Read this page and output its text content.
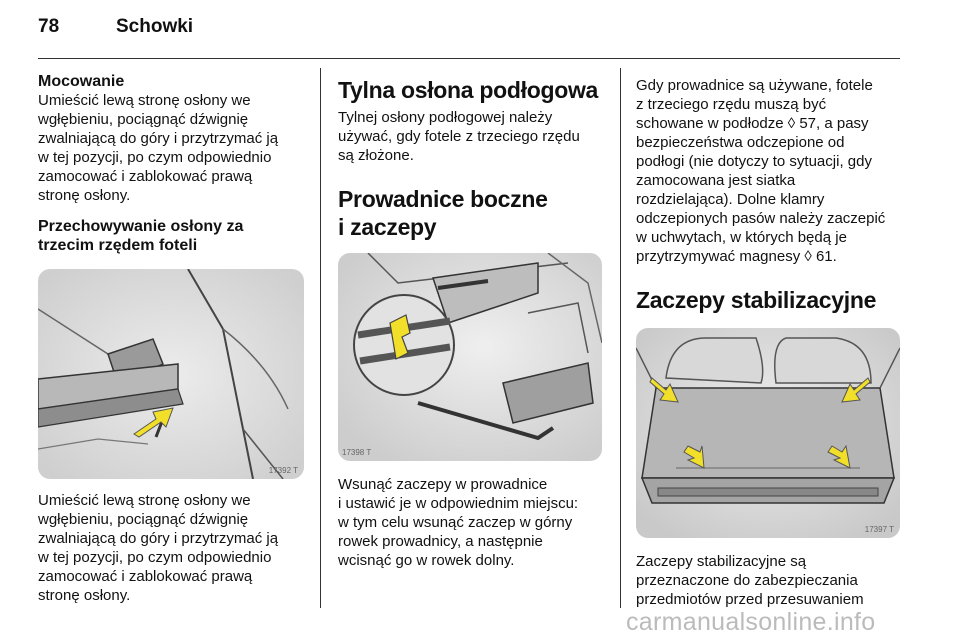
78	Schowki
Mocowanie
Umieścić lewą stronę osłony we
wgłębieniu, pociągnąć dźwignię
zwalniającą do góry i przytrzymać ją
w tej pozycji, po czym odpowiednio
zamocować i zablokować prawą
stronę osłony.
Przechowywanie osłony za
trzecim rzędem foteli
17392 T
Umieścić lewą stronę osłony we
wgłębieniu, pociągnąć dźwignię
zwalniającą do góry i przytrzymać ją
w tej pozycji, po czym odpowiednio
zamocować i zablokować prawą
stronę osłony.
Tylna osłona podłogowa
Tylnej osłony podłogowej należy
używać, gdy fotele z trzeciego rzędu
są złożone.
Prowadnice boczne
i zaczepy
17398 T
Wsunąć zaczepy w prowadnice
i ustawić je w odpowiednim miejscu:
w tym celu wsunąć zaczep w górny
rowek prowadnicy, a następnie
wcisnąć go w rowek dolny.
Gdy prowadnice są używane, fotele
z trzeciego rzędu muszą być
schowane w podłodze ◊ 57, a pasy
bezpieczeństwa odczepione od
podłogi (nie dotyczy to sytuacji, gdy
zamocowana jest siatka
rozdzielająca). Dolne klamry
odczepionych pasów należy zaczepić
w uchwytach, w których będą je
przytrzymywać magnesy ◊ 61.
Zaczepy stabilizacyjne
17397 T
Zaczepy stabilizacyjne są
przeznaczone do zabezpieczania
przedmiotów przed przesuwaniem
carmanualsonline.info
